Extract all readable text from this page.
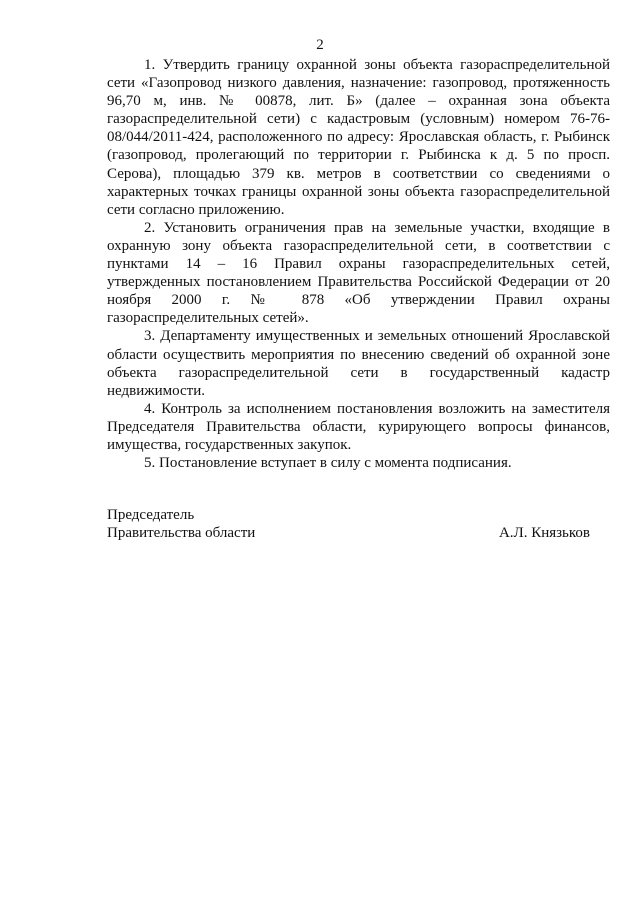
2

1. Утвердить границу охранной зоны объекта газораспределительной сети «Газопровод низкого давления, назначение: газопровод, протяженность 96,70 м, инв. № 00878, лит. Б» (далее – охранная зона объекта газораспределительной сети) с кадастровым (условным) номером 76-76-08/044/2011-424, расположенного по адресу: Ярославская область, г. Рыбинск (газопровод, пролегающий по территории г. Рыбинска к д. 5 по просп. Серова), площадью 379 кв. метров в соответствии со сведениями о характерных точках границы охранной зоны объекта газораспределительной сети согласно приложению.

2. Установить ограничения прав на земельные участки, входящие в охранную зону объекта газораспределительной сети, в соответствии с пунктами 14 – 16 Правил охраны газораспределительных сетей, утвержденных постановлением Правительства Российской Федерации от 20 ноября 2000 г. № 878 «Об утверждении Правил охраны газораспределительных сетей».

3. Департаменту имущественных и земельных отношений Ярославской области осуществить мероприятия по внесению сведений об охранной зоне объекта газораспределительной сети в государственный кадастр недвижимости.

4. Контроль за исполнением постановления возложить на заместителя Председателя Правительства области, курирующего вопросы финансов, имущества, государственных закупок.

5. Постановление вступает в силу с момента подписания.

Председатель
Правительства области	А.Л. Князьков
